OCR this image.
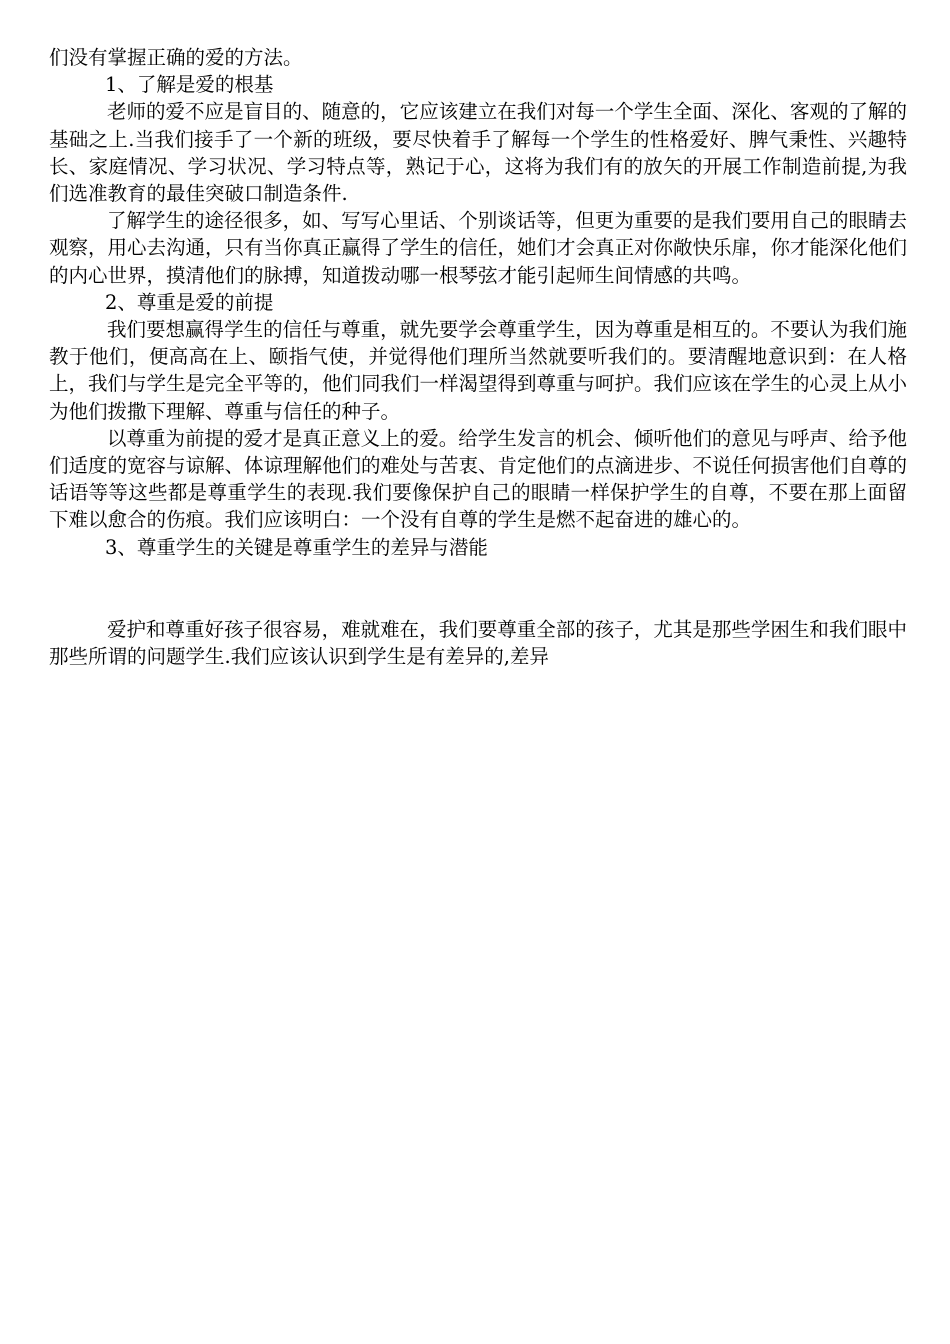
们没有掌握正确的爱的方法。

1、了解是爱的根基

老师的爱不应是盲目的、随意的，它应该建立在我们对每一个学生全面、深化、客观的了解的基础之上.当我们接手了一个新的班级，要尽快着手了解每一个学生的性格爱好、脾气秉性、兴趣特长、家庭情况、学习状况、学习特点等，熟记于心，这将为我们有的放矢的开展工作制造前提,为我们选准教育的最佳突破口制造条件.

了解学生的途径很多，如、写写心里话、个别谈话等，但更为重要的是我们要用自己的眼睛去观察，用心去沟通，只有当你真正赢得了学生的信任，她们才会真正对你敞快乐扉，你才能深化他们的内心世界，摸清他们的脉搏，知道拨动哪一根琴弦才能引起师生间情感的共鸣。

2、尊重是爱的前提

我们要想赢得学生的信任与尊重，就先要学会尊重学生，因为尊重是相互的。不要认为我们施教于他们，便高高在上、颐指气使，并觉得他们理所当然就要听我们的。要清醒地意识到：在人格上，我们与学生是完全平等的，他们同我们一样渴望得到尊重与呵护。我们应该在学生的心灵上从小为他们拨撒下理解、尊重与信任的种子。

以尊重为前提的爱才是真正意义上的爱。给学生发言的机会、倾听他们的意见与呼声、给予他们适度的宽容与谅解、体谅理解他们的难处与苦衷、肯定他们的点滴进步、不说任何损害他们自尊的话语等等这些都是尊重学生的表现.我们要像保护自己的眼睛一样保护学生的自尊，不要在那上面留下难以愈合的伤痕。我们应该明白：一个没有自尊的学生是燃不起奋进的雄心的。

3、尊重学生的关键是尊重学生的差异与潜能

爱护和尊重好孩子很容易，难就难在，我们要尊重全部的孩子，尤其是那些学困生和我们眼中那些所谓的问题学生.我们应该认识到学生是有差异的,差异
